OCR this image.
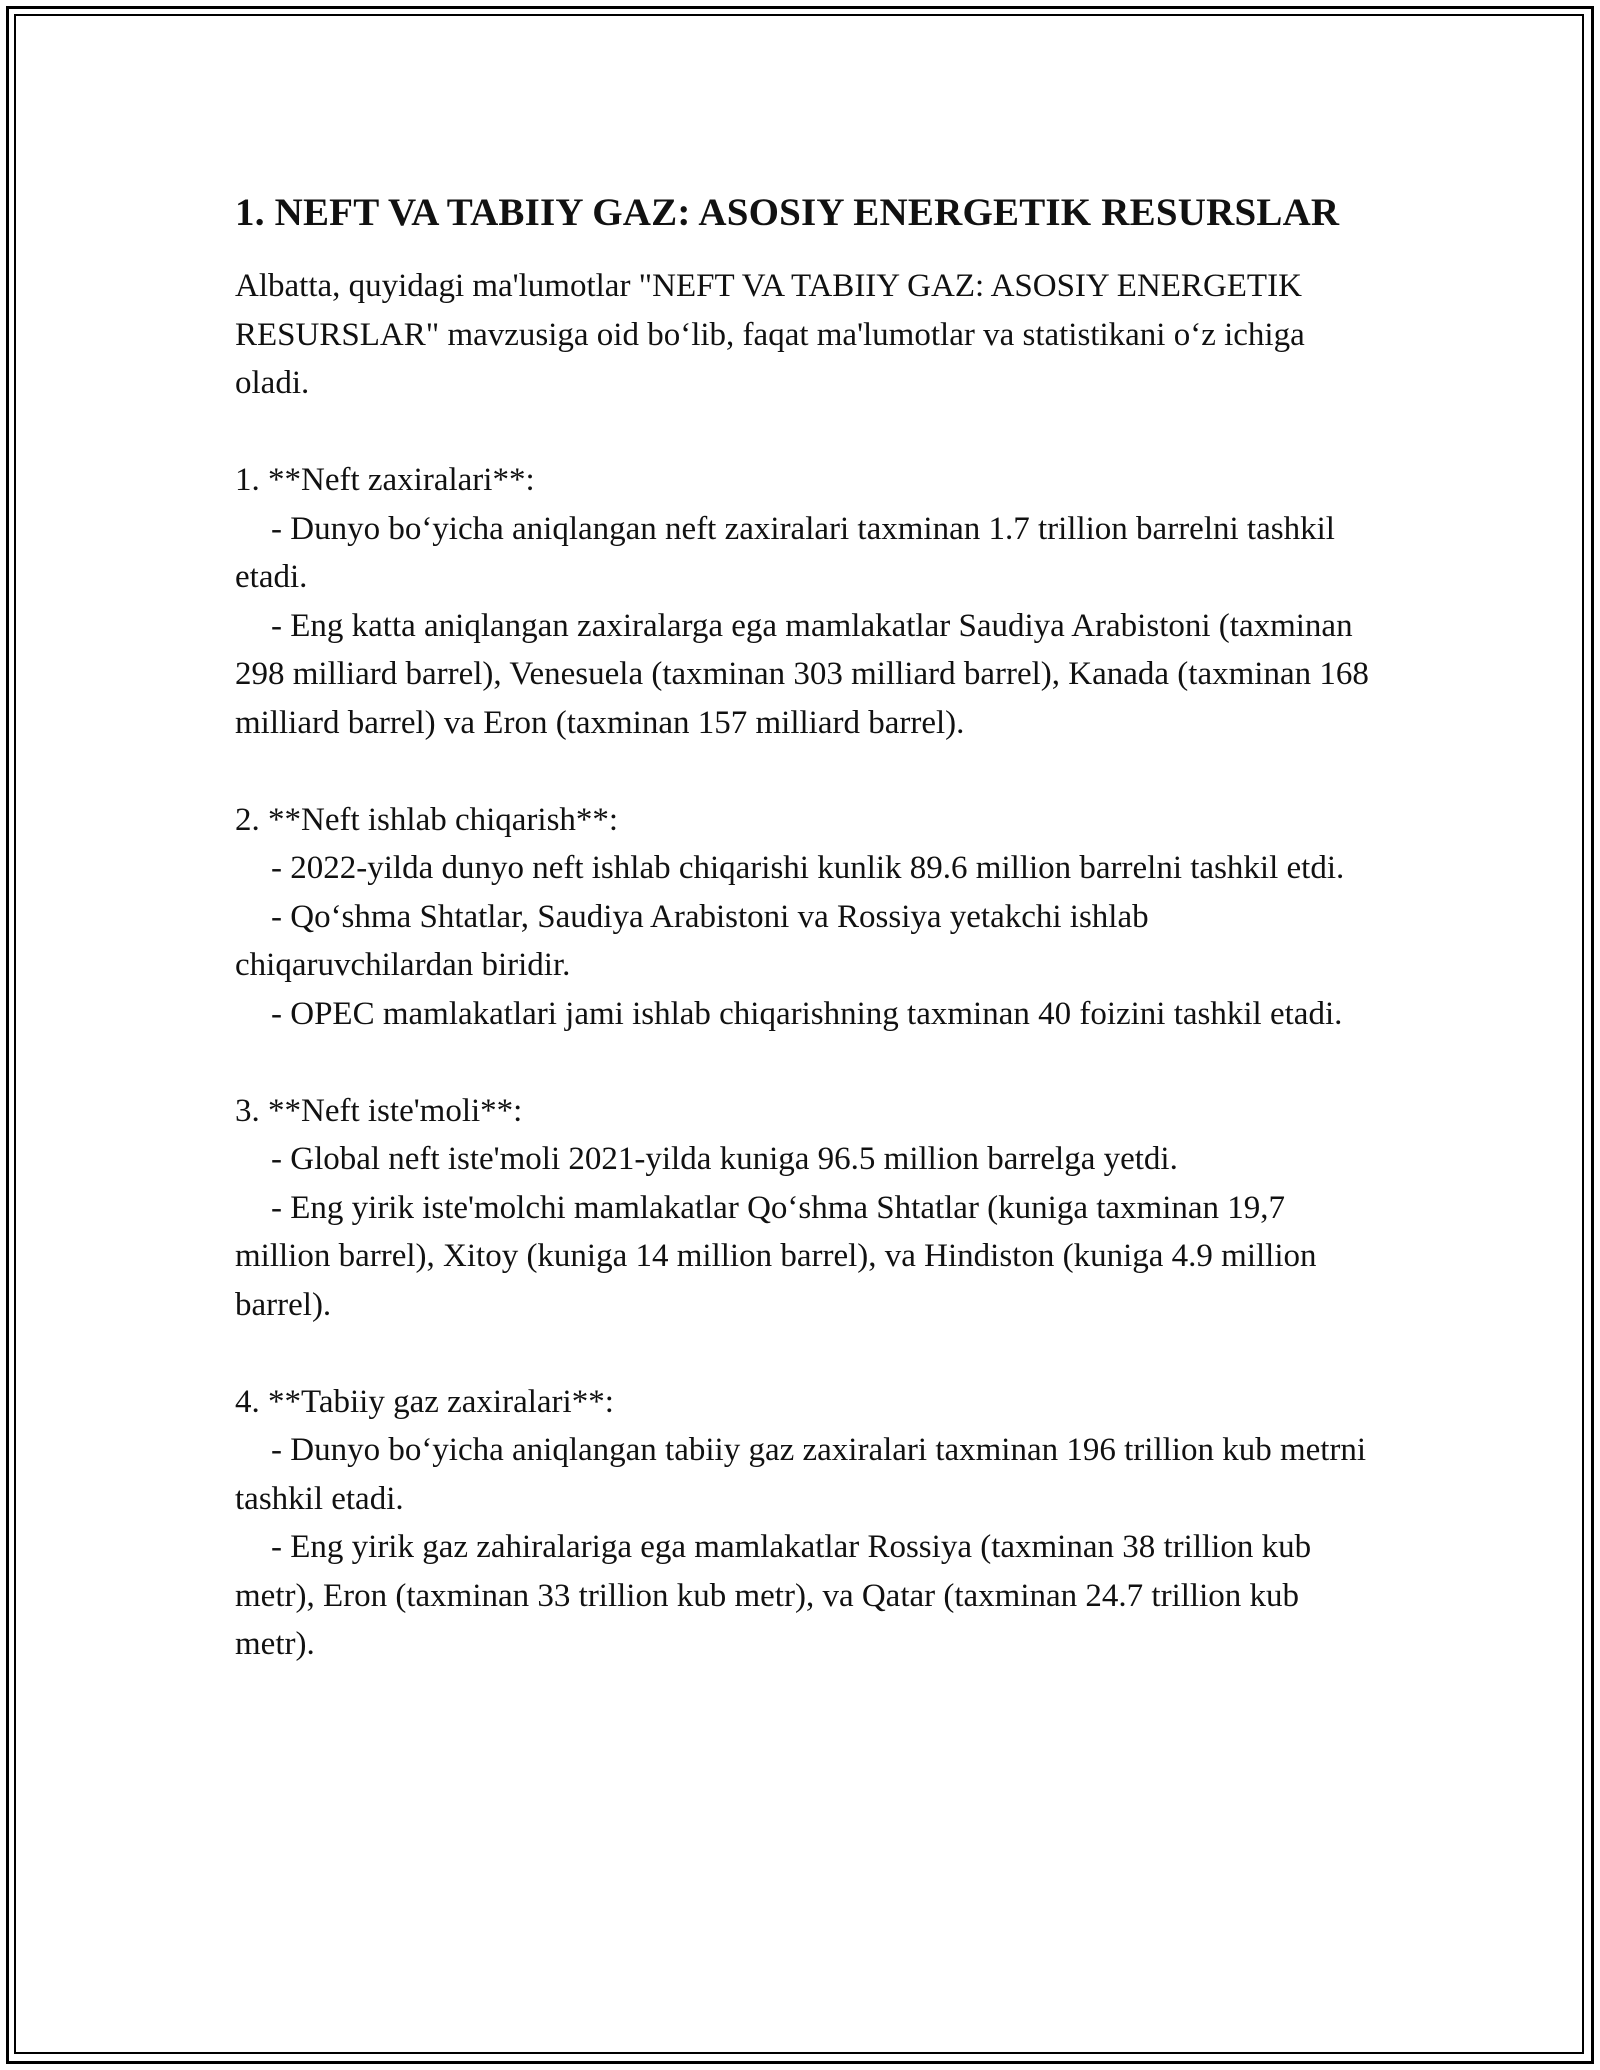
1. NEFT VA TABIIY GAZ: ASOSIY ENERGETIK RESURSLAR

Albatta, quyidagi ma'lumotlar "NEFT VA TABIIY GAZ: ASOSIY ENERGETIK RESURSLAR" mavzusiga oid bo‘lib, faqat ma'lumotlar va statistikani o‘z ichiga oladi.

1. **Neft zaxiralari**:
- Dunyo bo‘yicha aniqlangan neft zaxiralari taxminan 1.7 trillion barrelni tashkil etadi.
- Eng katta aniqlangan zaxiralarga ega mamlakatlar Saudiya Arabistoni (taxminan 298 milliard barrel), Venesuela (taxminan 303 milliard barrel), Kanada (taxminan 168 milliard barrel) va Eron (taxminan 157 milliard barrel).
2. **Neft ishlab chiqarish**:
- 2022-yilda dunyo neft ishlab chiqarishi kunlik 89.6 million barrelni tashkil etdi.
- Qo‘shma Shtatlar, Saudiya Arabistoni va Rossiya yetakchi ishlab chiqaruvchilardan biridir.
- OPEC mamlakatlari jami ishlab chiqarishning taxminan 40 foizini tashkil etadi.
3. **Neft iste'moli**:
- Global neft iste'moli 2021-yilda kuniga 96.5 million barrelga yetdi.
- Eng yirik iste'molchi mamlakatlar Qo‘shma Shtatlar (kuniga taxminan 19,7 million barrel), Xitoy (kuniga 14 million barrel), va Hindiston (kuniga 4.9 million barrel).
4. **Tabiiy gaz zaxiralari**:
- Dunyo bo‘yicha aniqlangan tabiiy gaz zaxiralari taxminan 196 trillion kub metrni tashkil etadi.
- Eng yirik gaz zahiralariga ega mamlakatlar Rossiya (taxminan 38 trillion kub metr), Eron (taxminan 33 trillion kub metr), va Qatar (taxminan 24.7 trillion kub metr).
